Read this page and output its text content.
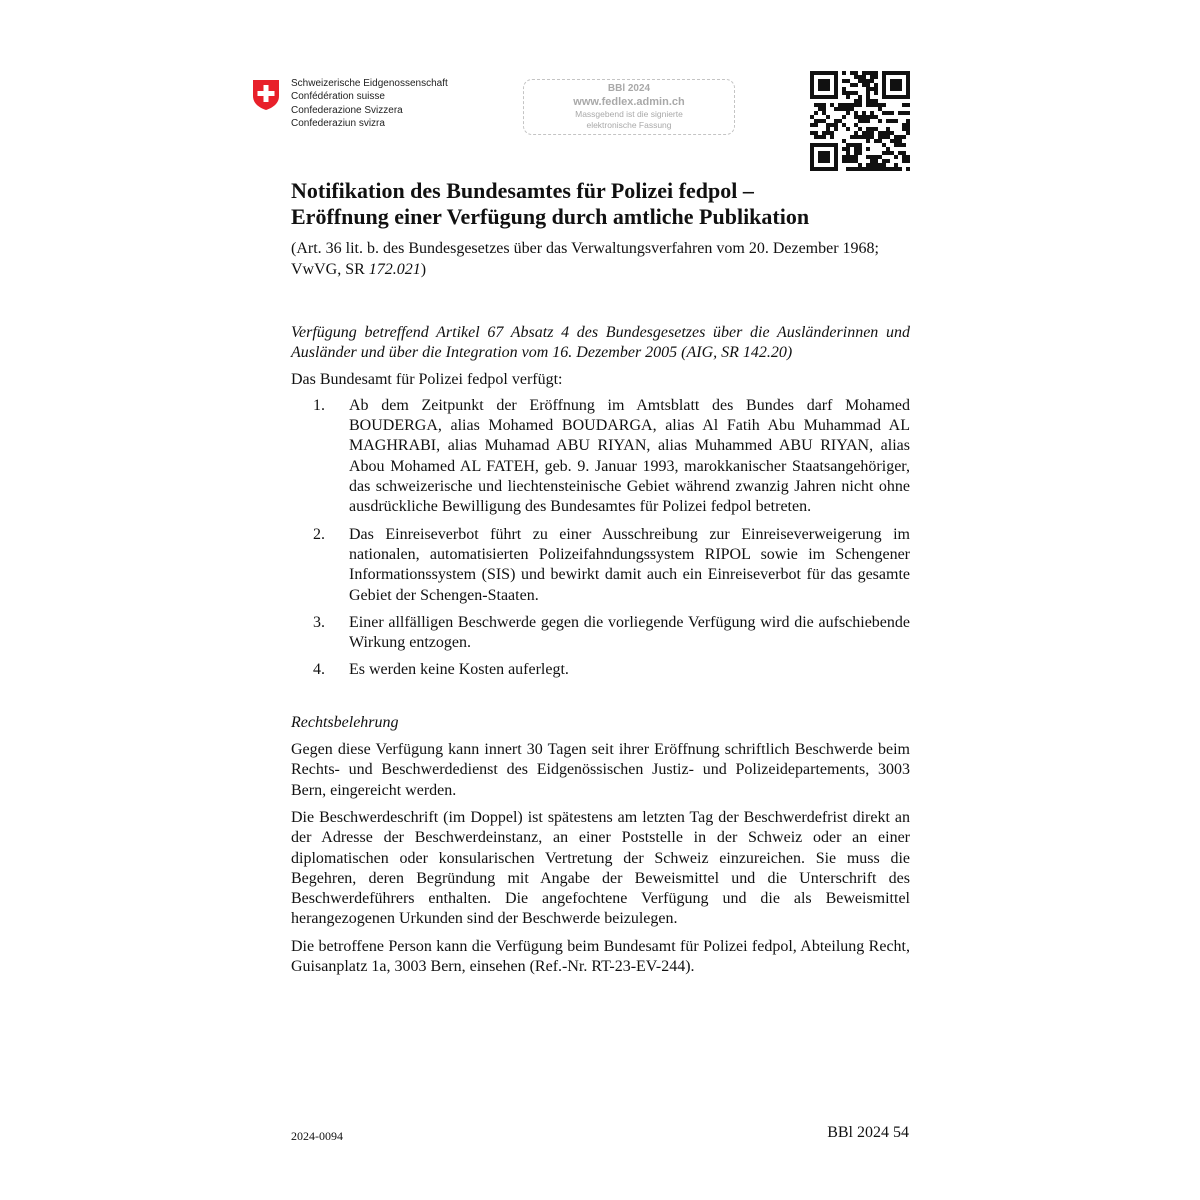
Schweizerische Eidgenossenschaft
Confédération suisse
Confederazione Svizzera
Confederaziun svizra
BBl 2024
www.fedlex.admin.ch
Massgebend ist die signierte
elektronische Fassung
Notifikation des Bundesamtes für Polizei fedpol –
Eröffnung einer Verfügung durch amtliche Publikation
(Art. 36 lit. b. des Bundesgesetzes über das Verwaltungsverfahren vom 20. Dezember 1968; VwVG, SR 172.021)

Verfügung betreffend Artikel 67 Absatz 4 des Bundesgesetzes über die Ausländerinnen und Ausländer und über die Integration vom 16. Dezember 2005 (AIG, SR 142.20)

Das Bundesamt für Polizei fedpol verfügt:

1. Ab dem Zeitpunkt der Eröffnung im Amtsblatt des Bundes darf Mohamed BOUDERGA, alias Mohamed BOUDARGA, alias Al Fatih Abu Muhammad AL MAGHRABI, alias Muhamad ABU RIYAN, alias Muhammed ABU RIYAN, alias Abou Mohamed AL FATEH, geb. 9. Januar 1993, marokkanischer Staatsangehöriger, das schweizerische und liechtensteinische Gebiet während zwanzig Jahren nicht ohne ausdrückliche Bewilligung des Bundesamtes für Polizei fedpol betreten.
2. Das Einreiseverbot führt zu einer Ausschreibung zur Einreiseverweigerung im nationalen, automatisierten Polizeifahndungssystem RIPOL sowie im Schengener Informationssystem (SIS) und bewirkt damit auch ein Einreiseverbot für das gesamte Gebiet der Schengen-Staaten.
3. Einer allfälligen Beschwerde gegen die vorliegende Verfügung wird die aufschiebende Wirkung entzogen.
4. Es werden keine Kosten auferlegt.

Rechtsbelehrung

Gegen diese Verfügung kann innert 30 Tagen seit ihrer Eröffnung schriftlich Beschwerde beim Rechts- und Beschwerdedienst des Eidgenössischen Justiz- und Polizeidepartements, 3003 Bern, eingereicht werden.

Die Beschwerdeschrift (im Doppel) ist spätestens am letzten Tag der Beschwerdefrist direkt an der Adresse der Beschwerdeinstanz, an einer Poststelle in der Schweiz oder an einer diplomatischen oder konsularischen Vertretung der Schweiz einzureichen. Sie muss die Begehren, deren Begründung mit Angabe der Beweismittel und die Unterschrift des Beschwerdeführers enthalten. Die angefochtene Verfügung und die als Beweismittel herangezogenen Urkunden sind der Beschwerde beizulegen.

Die betroffene Person kann die Verfügung beim Bundesamt für Polizei fedpol, Abteilung Recht, Guisanplatz 1a, 3003 Bern, einsehen (Ref.-Nr. RT-23-EV-244).

2024-0094	BBl 2024 54
